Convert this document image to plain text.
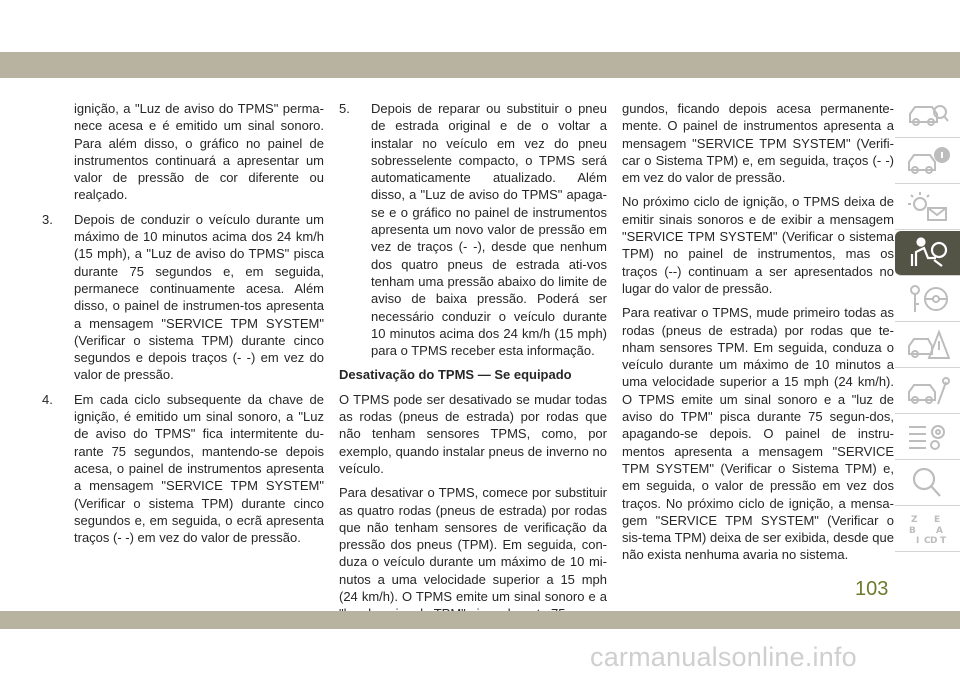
ignição, a "Luz de aviso do TPMS" perma-nece acesa e é emitido um sinal sonoro. Para além disso, o gráfico no painel de instrumentos continuará a apresentar um valor de pressão de cor diferente ou realçado.

3.	Depois de conduzir o veículo durante um máximo de 10 minutos acima dos 24 km/h (15 mph), a "Luz de aviso do TPMS" pisca durante 75 segundos e, em seguida, permanece continuamente acesa. Além disso, o painel de instrumen-tos apresenta a mensagem "SERVICE TPM SYSTEM" (Verificar o sistema TPM) durante cinco segundos e depois traços (- -) em vez do valor de pressão.
4.	Em cada ciclo subsequente da chave de ignição, é emitido um sinal sonoro, a "Luz de aviso do TPMS" fica intermitente du-rante 75 segundos, mantendo-se depois acesa, o painel de instrumentos apresenta a mensagem "SERVICE TPM SYSTEM" (Verificar o sistema TPM) durante cinco segundos e, em seguida, o ecrã apresenta traços (- -) em vez do valor de pressão.
5.	Depois de reparar ou substituir o pneu de estrada original e de o voltar a instalar no veículo em vez do pneu sobresselente compacto, o TPMS será automaticamente atualizado. Além disso, a "Luz de aviso do TPMS" apaga-se e o gráfico no painel de instrumentos apresenta um novo valor de pressão em vez de traços (- -), desde que nenhum dos quatro pneus de estrada ati-vos tenham uma pressão abaixo do limite de aviso de baixa pressão. Poderá ser necessário conduzir o veículo durante 10 minutos acima dos 24 km/h (15 mph) para o TPMS receber esta informação.
Desativação do TPMS — Se equipado

O TPMS pode ser desativado se mudar todas as rodas (pneus de estrada) por rodas que não tenham sensores TPMS, como, por exemplo, quando instalar pneus de inverno no veículo.

Para desativar o TPMS, comece por substituir as quatro rodas (pneus de estrada) por rodas que não tenham sensores de verificação da pressão dos pneus (TPM). Em seguida, con-duza o veículo durante um máximo de 10 mi-nutos a uma velocidade superior a 15 mph (24 km/h). O TPMS emite um sinal sonoro e a

gundos, ficando depois acesa permanente-mente. O painel de instrumentos apresenta a mensagem "SERVICE TPM SYSTEM" (Verifi-car o Sistema TPM) e, em seguida, traços (- -) em vez do valor de pressão.

No próximo ciclo de ignição, o TPMS deixa de emitir sinais sonoros e de exibir a mensagem "SERVICE TPM SYSTEM" (Verificar o sistema TPM) no painel de instrumentos, mas os traços (--) continuam a ser apresentados no lugar do valor de pressão.

Para reativar o TPMS, mude primeiro todas as rodas (pneus de estrada) por rodas que te-nham sensores TPM. Em seguida, conduza o veículo durante um máximo de 10 minutos a uma velocidade superior a 15 mph (24 km/h). O TPMS emite um sinal sonoro e a "luz de aviso do TPM" pisca durante 75 segun-dos, apagando-se depois. O painel de instru-mentos apresenta a mensagem "SERVICE TPM SYSTEM" (Verificar o Sistema TPM) e, em seguida, o valor de pressão em vez dos traços. No próximo ciclo de ignição, a mensa-gem "SERVICE TPM SYSTEM" (Verificar o sis-tema TPM) deixa de ser exibida, desde que não exista nenhuma avaria no sistema.

Z E
B A
I C D T
103
carmanualsonline.info
